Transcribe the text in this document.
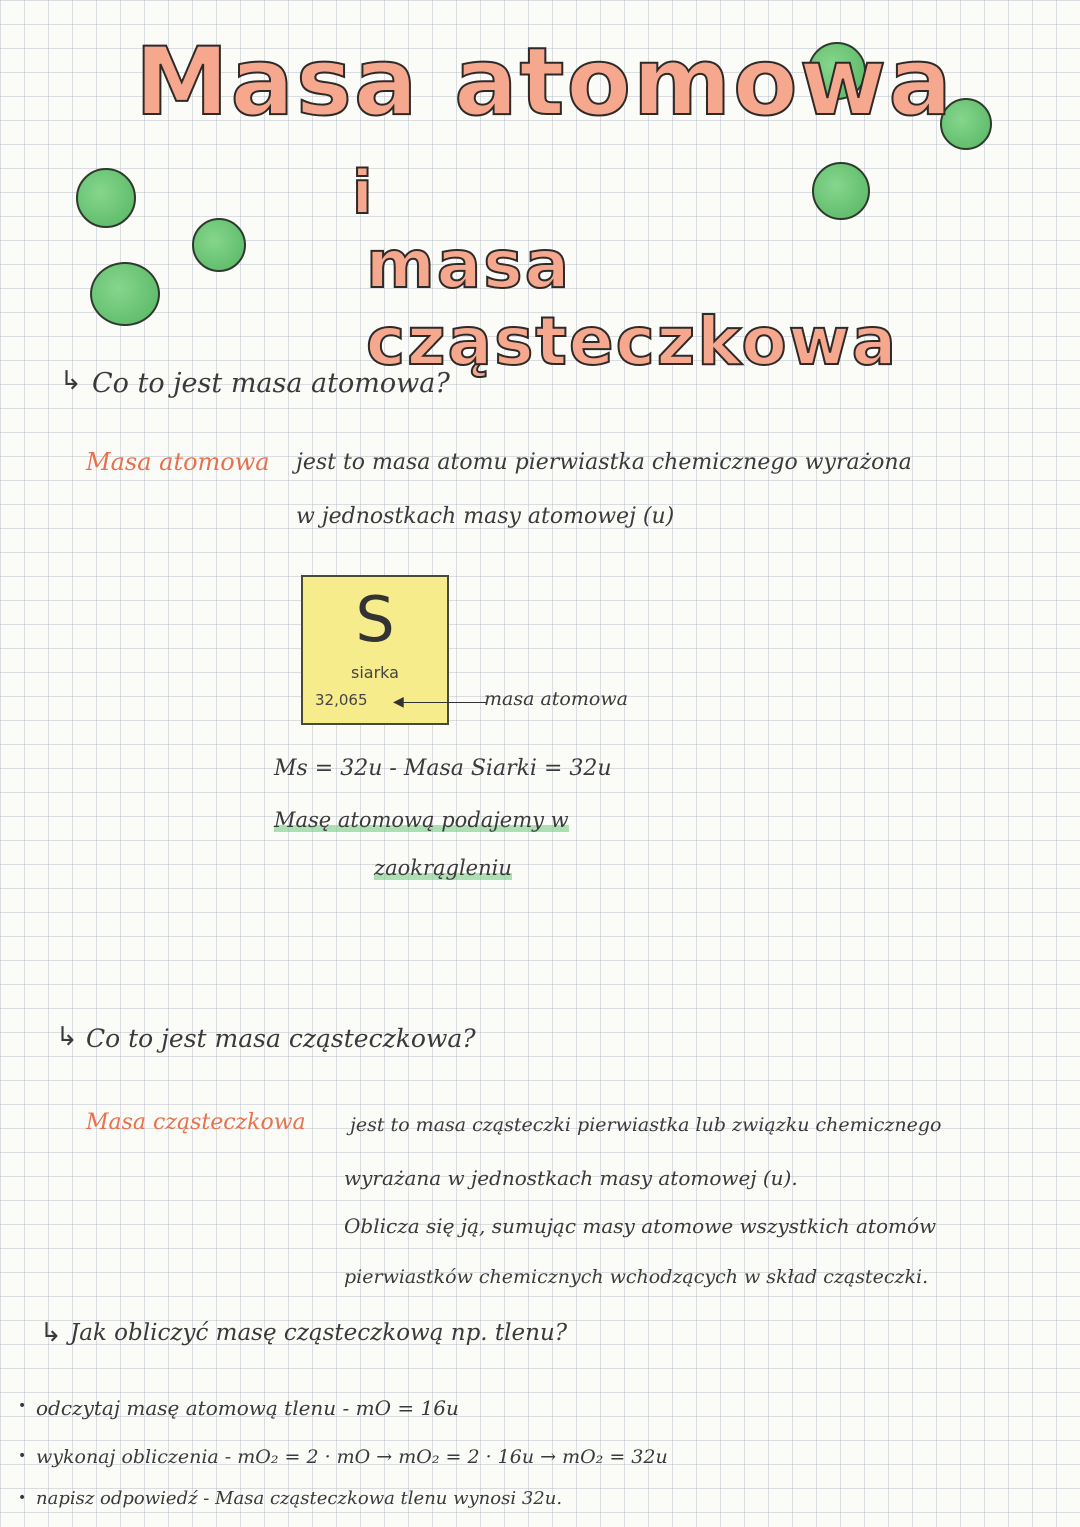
Masa atomowa
i
masa cząsteczkowa
↳ Co to jest masa atomowa?
Masa atomowa jest to masa atomu pierwiastka chemicznego wyrażona
w jednostkach masy atomowej (u)
S
siarka
32,065 ◀	masa atomowa
Ms = 32u - Masa Siarki = 32u
Masę atomową podajemy w
zaokrągleniu
↳ Co to jest masa cząsteczkowa?
Masa cząsteczkowa jest to masa cząsteczki pierwiastka lub związku chemicznego
wyrażana w jednostkach masy atomowej (u).
Oblicza się ją, sumując masy atomowe wszystkich atomów
pierwiastków chemicznych wchodzących w skład cząsteczki.
↳ Jak obliczyć masę cząsteczkową np. tlenu?
• odczytaj masę atomową tlenu - mO = 16u
• wykonaj obliczenia - mO₂ = 2 · mO → mO₂ = 2 · 16u → mO₂ = 32u
• napisz odpowiedź - Masa cząsteczkowa tlenu wynosi 32u.
